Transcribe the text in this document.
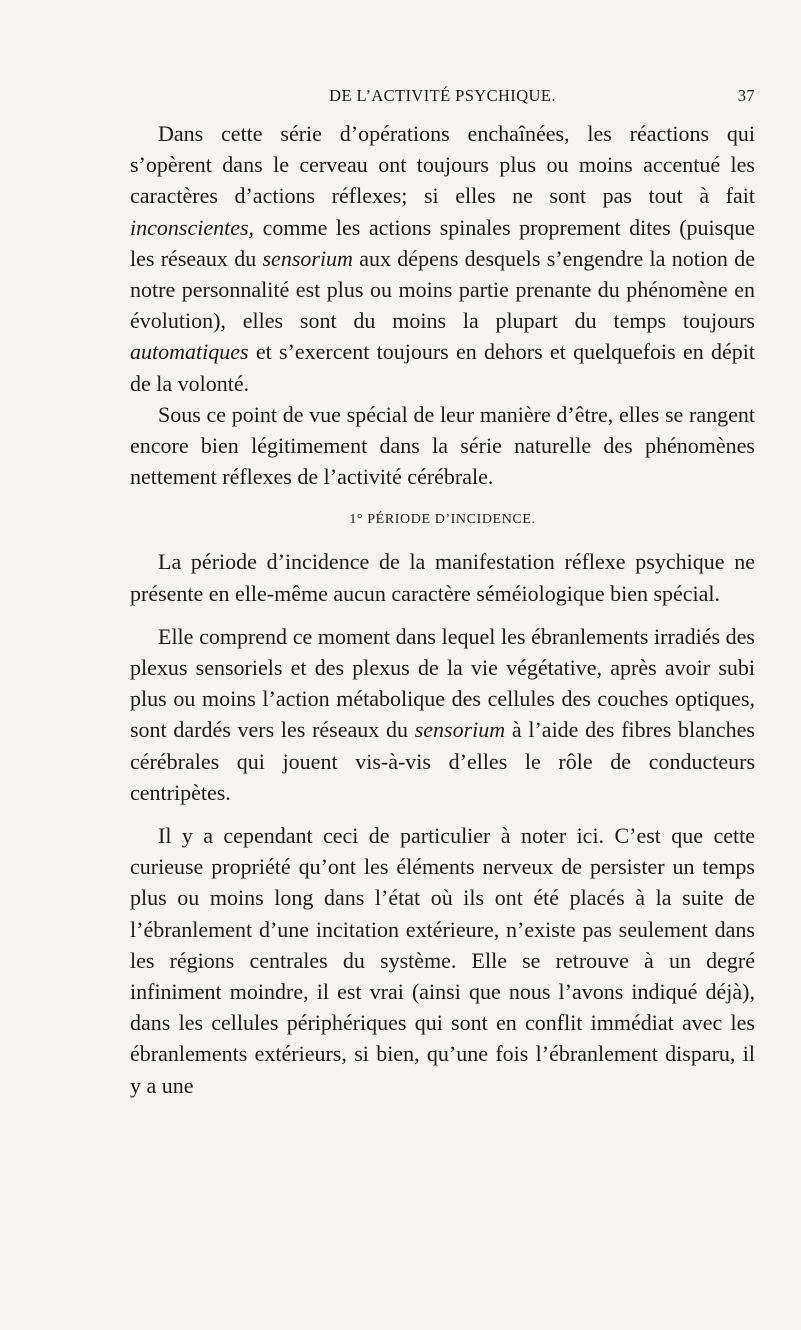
DE L’ACTIVITÉ PSYCHIQUE.	37

Dans cette série d’opérations enchaînées, les réactions qui s’opèrent dans le cerveau ont toujours plus ou moins accentué les caractères d’actions réflexes; si elles ne sont pas tout à fait inconscientes, comme les actions spinales proprement dites (puisque les réseaux du sensorium aux dépens desquels s’engendre la notion de notre personnalité est plus ou moins partie prenante du phénomène en évolution), elles sont du moins la plupart du temps toujours automatiques et s’exercent toujours en dehors et quelquefois en dépit de la volonté.

Sous ce point de vue spécial de leur manière d’être, elles se rangent encore bien légitimement dans la série naturelle des phénomènes nettement réflexes de l’activité cérébrale.

1° PÉRIODE D’INCIDENCE.

La période d’incidence de la manifestation réflexe psychique ne présente en elle-même aucun caractère séméiologique bien spécial.

Elle comprend ce moment dans lequel les ébranlements irradiés des plexus sensoriels et des plexus de la vie végétative, après avoir subi plus ou moins l’action métabolique des cellules des couches optiques, sont dardés vers les réseaux du sensorium à l’aide des fibres blanches cérébrales qui jouent vis-à-vis d’elles le rôle de conducteurs centripètes.

Il y a cependant ceci de particulier à noter ici. C’est que cette curieuse propriété qu’ont les éléments nerveux de persister un temps plus ou moins long dans l’état où ils ont été placés à la suite de l’ébranlement d’une incitation extérieure, n’existe pas seulement dans les régions centrales du système. Elle se retrouve à un degré infiniment moindre, il est vrai (ainsi que nous l’avons indiqué déjà), dans les cellules périphériques qui sont en conflit immédiat avec les ébranlements extérieurs, si bien, qu’une fois l’ébranlement disparu, il y a une
